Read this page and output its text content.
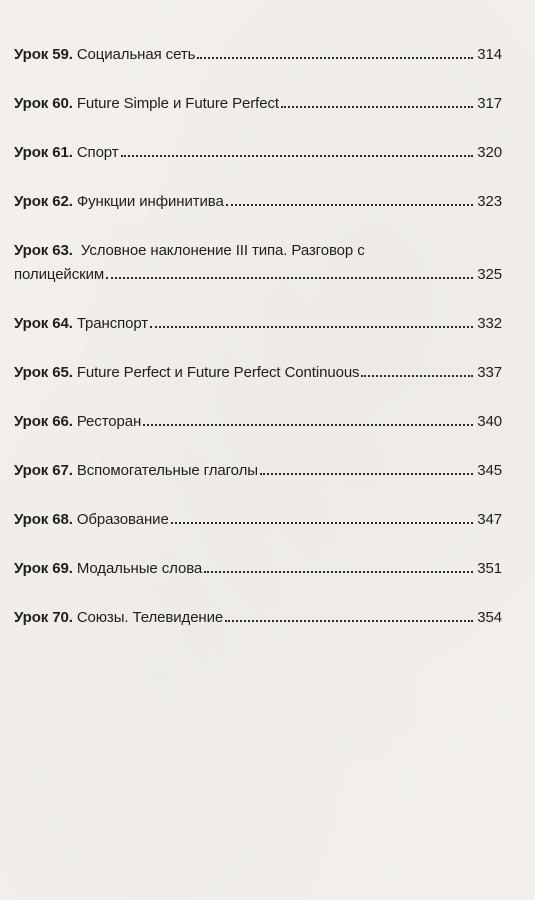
Урок 59. Социальная сеть	314
Урок 60. Future Simple и Future Perfect	317
Урок 61. Спорт	320
Урок 62. Функции инфинитива	323
Урок 63. Условное наклонение III типа. Разговор с
полицейским	325
Урок 64. Транспорт	332
Урок 65. Future Perfect и Future Perfect Continuous	337
Урок 66. Ресторан	340
Урок 67. Вспомогательные глаголы	345
Урок 68. Образование	347
Урок 69. Модальные слова	351
Урок 70. Союзы. Телевидение	354
